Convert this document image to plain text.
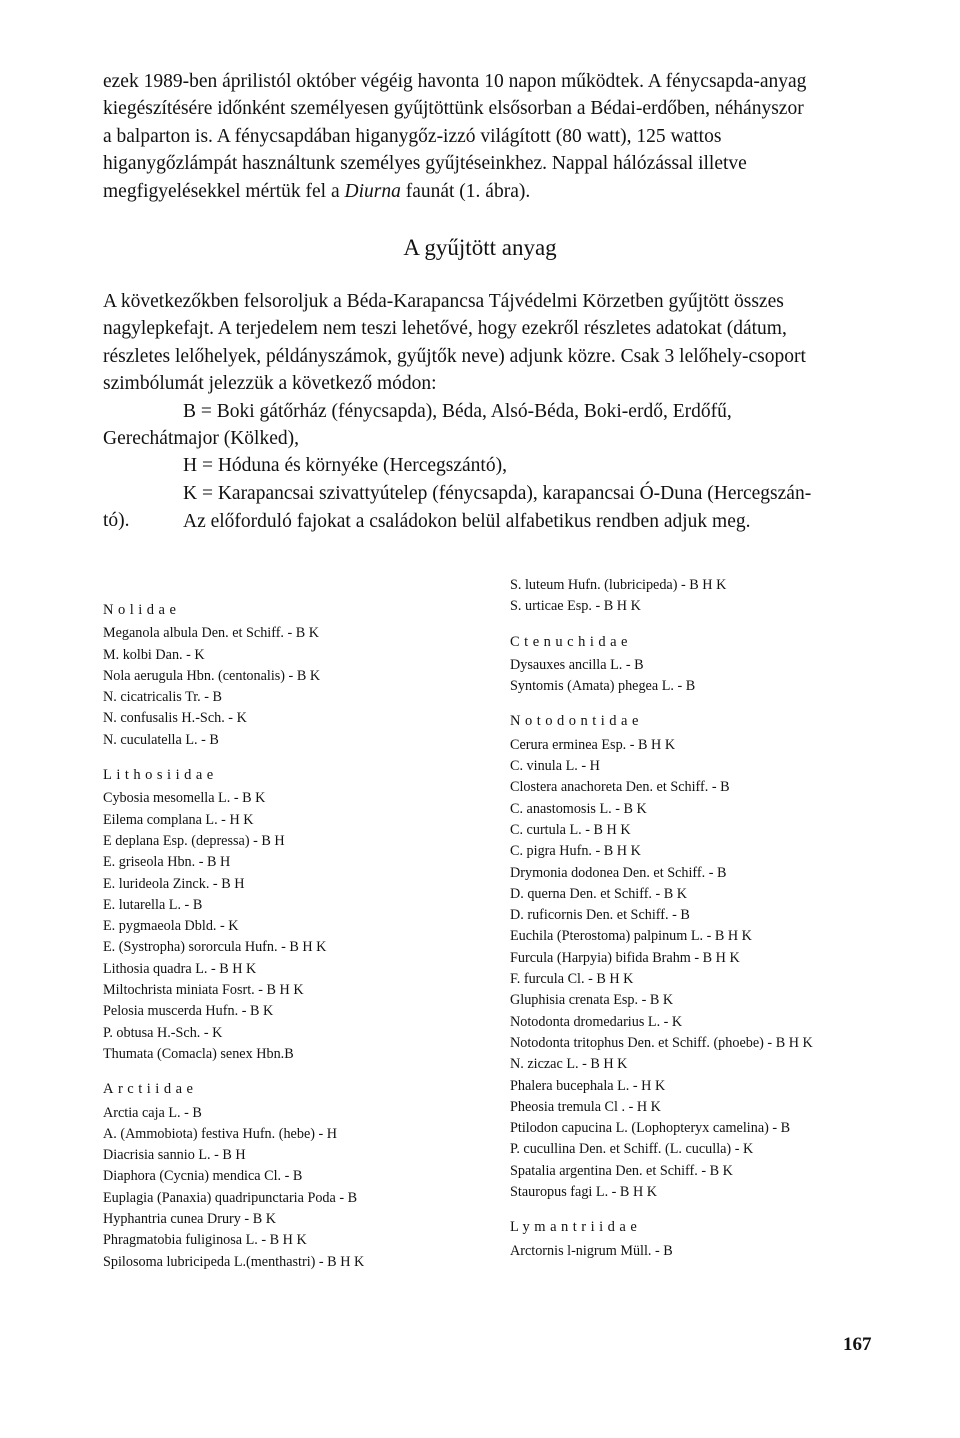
ezek 1989-ben áprilistól október végéig havonta 10 napon működtek. A fénycsapda-anyag

kiegészítésére időnként személyesen gyűjtöttünk elsősorban a Bédai-erdőben, néhányszor

a balparton is. A fénycsapdában higanygőz-izzó világított (80 watt), 125 wattos

higanygőzlámpát használtunk személyes gyűjtéseinkhez. Nappal hálózással illetve

megfigyelésekkel mértük fel a Diurna faunát (1. ábra).

A gyűjtött anyag

A következőkben felsoroljuk a Béda-Karapancsa Tájvédelmi Körzetben gyűjtött összes

nagylepkefajt. A terjedelem nem teszi lehetővé, hogy ezekről részletes adatokat (dátum,

részletes lelőhelyek, példányszámok, gyűjtők neve) adjunk közre. Csak 3 lelőhely-csoport

szimbólumát jelezzük a következő módon:

B = Boki gátőrház (fénycsapda), Béda, Alsó-Béda, Boki-erdő, Erdőfű,

Gerechátmajor (Kölked),

H = Hóduna és környéke (Hercegszántó),

K = Karapancsai szivattyútelep (fénycsapda), karapancsai Ó-Duna (Hercegszán-

tó).	Az előforduló fajokat a családokon belül alfabetikus rendben adjuk meg.

Nolidae
Meganola albula Den. et Schiff. - B K
M. kolbi Dan. - K
Nola aerugula Hbn. (centonalis) - B K
N. cicatricalis Tr. - B
N. confusalis H.-Sch. - K
N. cuculatella L. - B
Lithosiidae
Cybosia mesomella L. - B K
Eilema complana L. - H K
E deplana Esp. (depressa) - B H
E. griseola Hbn. - B H
E. lurideola Zinck. - B H
E. lutarella L. - B
E. pygmaeola Dbld. - K
E. (Systropha) sororcula Hufn. - B H K
Lithosia quadra L. - B H K
Miltochrista miniata Fosrt. - B H K
Pelosia muscerda Hufn. - B K
P. obtusa H.-Sch. - K
Thumata (Comacla) senex Hbn.B
Arctiidae
Arctia caja L. - B
A. (Ammobiota) festiva Hufn. (hebe) - H
Diacrisia sannio L. - B H
Diaphora (Cycnia) mendica Cl. - B
Euplagia (Panaxia) quadripunctaria Poda - B
Hyphantria cunea Drury - B K
Phragmatobia fuliginosa L. - B H K
Spilosoma lubricipeda L.(menthastri) - B H K
S. luteum Hufn. (lubricipeda) - B H K
S. urticae Esp. - B H K
Ctenuchidae
Dysauxes ancilla L. - B
Syntomis (Amata) phegea L. - B
Notodontidae
Cerura erminea Esp. - B H K
C. vinula L. - H
Clostera anachoreta Den. et Schiff. - B
C. anastomosis L. - B K
C. curtula L. - B H K
C. pigra Hufn. - B H K
Drymonia dodonea Den. et Schiff. - B
D. querna Den. et Schiff. - B K
D. ruficornis Den. et Schiff. - B
Euchila (Pterostoma) palpinum L. - B H K
Furcula (Harpyia) bifida Brahm - B H K
F. furcula Cl. - B H K
Gluphisia crenata Esp. - B K
Notodonta dromedarius L. - K
Notodonta tritophus Den. et Schiff. (phoebe) - B H K
N. ziczac L. - B H K
Phalera bucephala L. - H K
Pheosia tremula Cl . - H K
Ptilodon capucina L. (Lophopteryx camelina) - B
P. cucullina Den. et Schiff. (L. cuculla) - K
Spatalia argentina Den. et Schiff. - B K
Stauropus fagi L. - B H K
Lymantriidae
Arctornis l-nigrum Müll. - B
167
